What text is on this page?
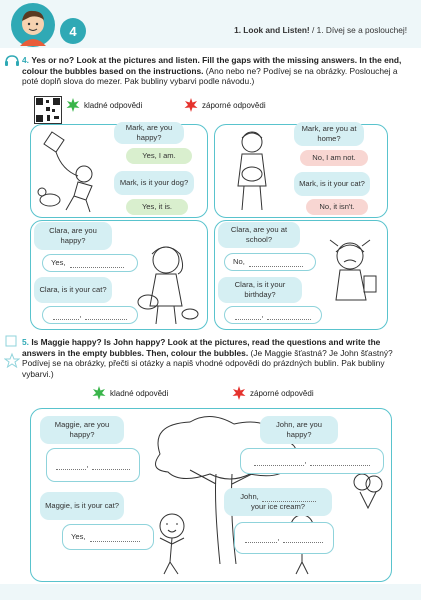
4	1. Look and Listen! / 1. Dívej se a poslouchej!
4. Yes or no? Look at the pictures and listen. Fill the gaps with the missing answers. In the end, colour the bubbles based on the instructions. (Ano nebo ne? Podívej se na obrázky. Poslouchej a poté doplň slova do mezer. Pak bubliny vybarvi podle návodu.)
kladné odpovědi	záporné odpovědi
Mark, are you happy?
Yes, I am.
Mark, is it your dog?
Yes, it is.
Mark, are you at home?
No, I am not.
Mark, is it your cat?
No, it isn't.
Clara, are you happy?
Yes,
Clara, is it your cat?
,
Clara, are you at school?
No,
Clara, is it your birthday?
,
5. Is Maggie happy? Is John happy? Look at the pictures, read the questions and write the answers in the empty bubbles. Then, colour the bubbles. (Je Maggie šťastná? Je John šťastný? Podívej se na obrázky, přečti si otázky a napiš vhodné odpovědi do prázdných bublin. Pak bubliny vybarvi.)
kladné odpovědi	záporné odpovědi
Maggie, are you happy?
,
John, are you happy?
,
Maggie, is it your cat?
Yes,
John,
your ice cream?
,
